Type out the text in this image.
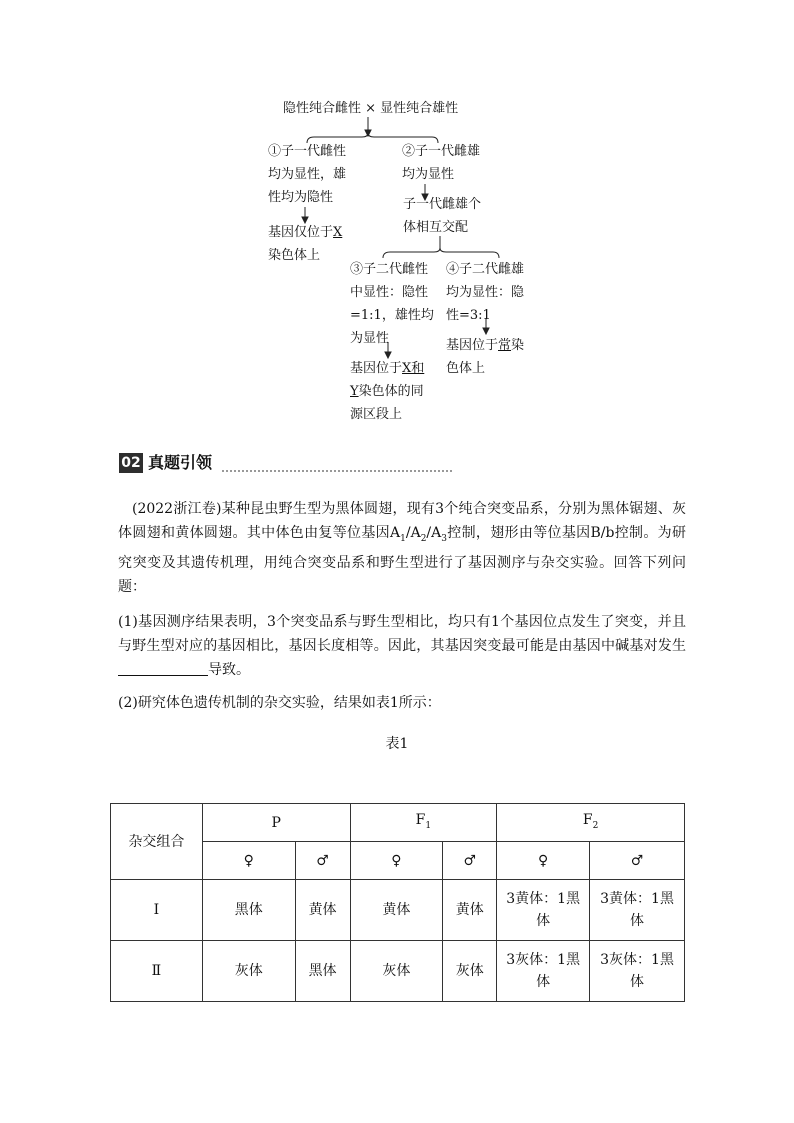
隐性纯合雌性 × 显性纯合雄性
①子一代雌性
均为显性，雄
性均为隐性
基因仅位于X
染色体上
②子一代雌雄
均为显性
子一代雌雄个
体相互交配
③子二代雌性
中显性：隐性
=1:1，雄性均
为显性
基因位于X和
Y染色体的同
源区段上
④子二代雌雄
均为显性：隐
性=3:1
基因位于常染
色体上
02 真题引领
(2022浙江卷)某种昆虫野生型为黑体圆翅，现有3个纯合突变品系，分别为黑体锯翅、灰体圆翅和黄体圆翅。其中体色由复等位基因$A_1/A_2/A_3$控制，翅形由等位基因B/b控制。为研究突变及其遗传机理，用纯合突变品系和野生型进行了基因测序与杂交实验。回答下列问题：
(1)基因测序结果表明，3个突变品系与野生型相比，均只有1个基因位点发生了突变，并且与野生型对应的基因相比，基因长度相等。因此，其基因突变最可能是由基因中碱基对发生导致。
(2)研究体色遗传机制的杂交实验，结果如表1所示：
表1
杂交组合	P		$F_1$		$F_2$
	♀	♂	♀	♂	♀	♂
Ⅰ	黑体	黄体	黄体	黄体	3黄体：1黑体	3黄体：1黑体
Ⅱ	灰体	黑体	灰体	灰体	3灰体：1黑体	3灰体：1黑体
